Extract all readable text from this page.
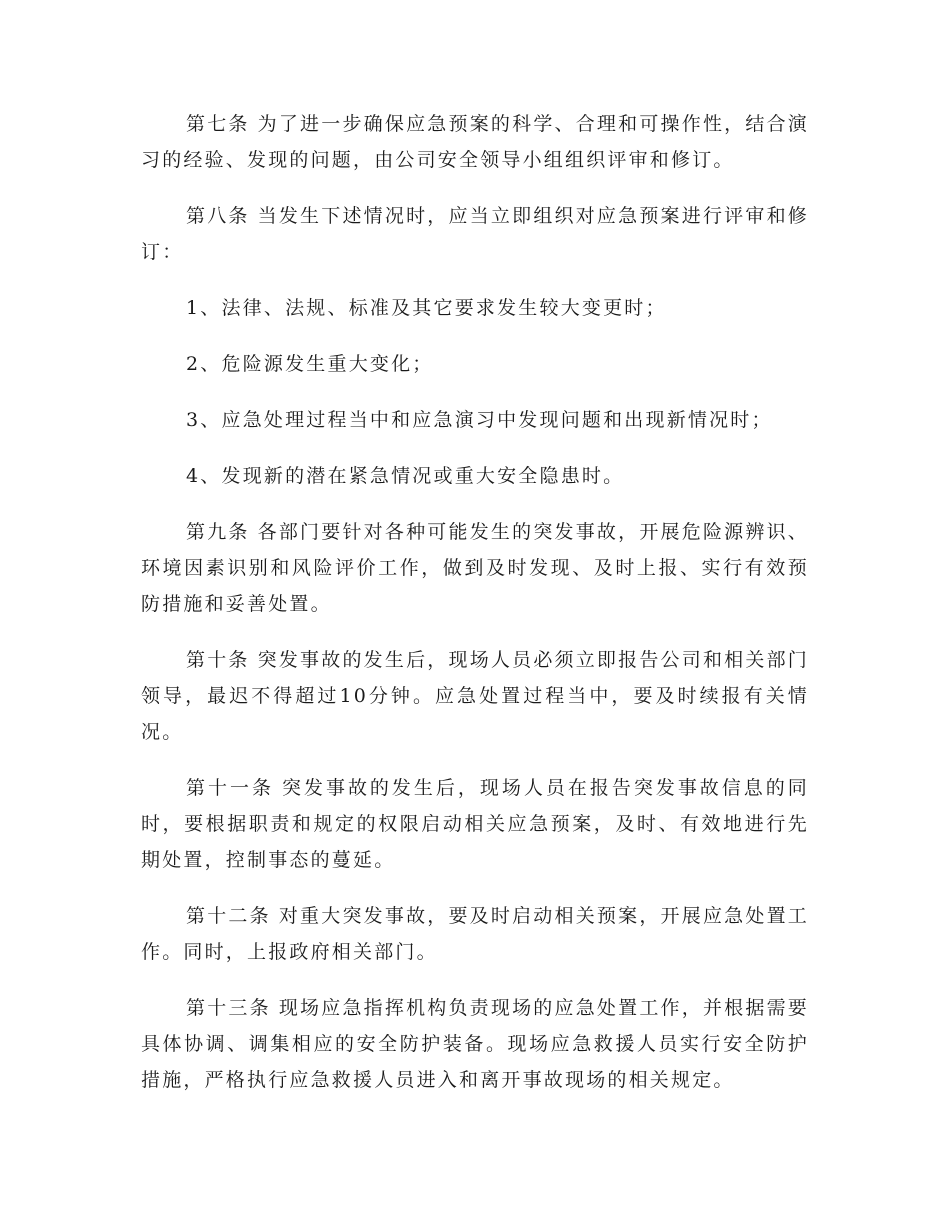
第七条 为了进一步确保应急预案的科学、合理和可操作性，结合演习的经验、发现的问题，由公司安全领导小组组织评审和修订。

第八条 当发生下述情况时，应当立即组织对应急预案进行评审和修订：

1、法律、法规、标准及其它要求发生较大变更时；

2、危险源发生重大变化；

3、应急处理过程当中和应急演习中发现问题和出现新情况时；

4、发现新的潜在紧急情况或重大安全隐患时。

第九条 各部门要针对各种可能发生的突发事故，开展危险源辨识、环境因素识别和风险评价工作，做到及时发现、及时上报、实行有效预防措施和妥善处置。

第十条 突发事故的发生后，现场人员必须立即报告公司和相关部门领导，最迟不得超过10分钟。应急处置过程当中，要及时续报有关情况。

第十一条 突发事故的发生后，现场人员在报告突发事故信息的同时，要根据职责和规定的权限启动相关应急预案，及时、有效地进行先期处置，控制事态的蔓延。

第十二条 对重大突发事故，要及时启动相关预案，开展应急处置工作。同时，上报政府相关部门。

第十三条 现场应急指挥机构负责现场的应急处置工作，并根据需要具体协调、调集相应的安全防护装备。现场应急救援人员实行安全防护措施，严格执行应急救援人员进入和离开事故现场的相关规定。
